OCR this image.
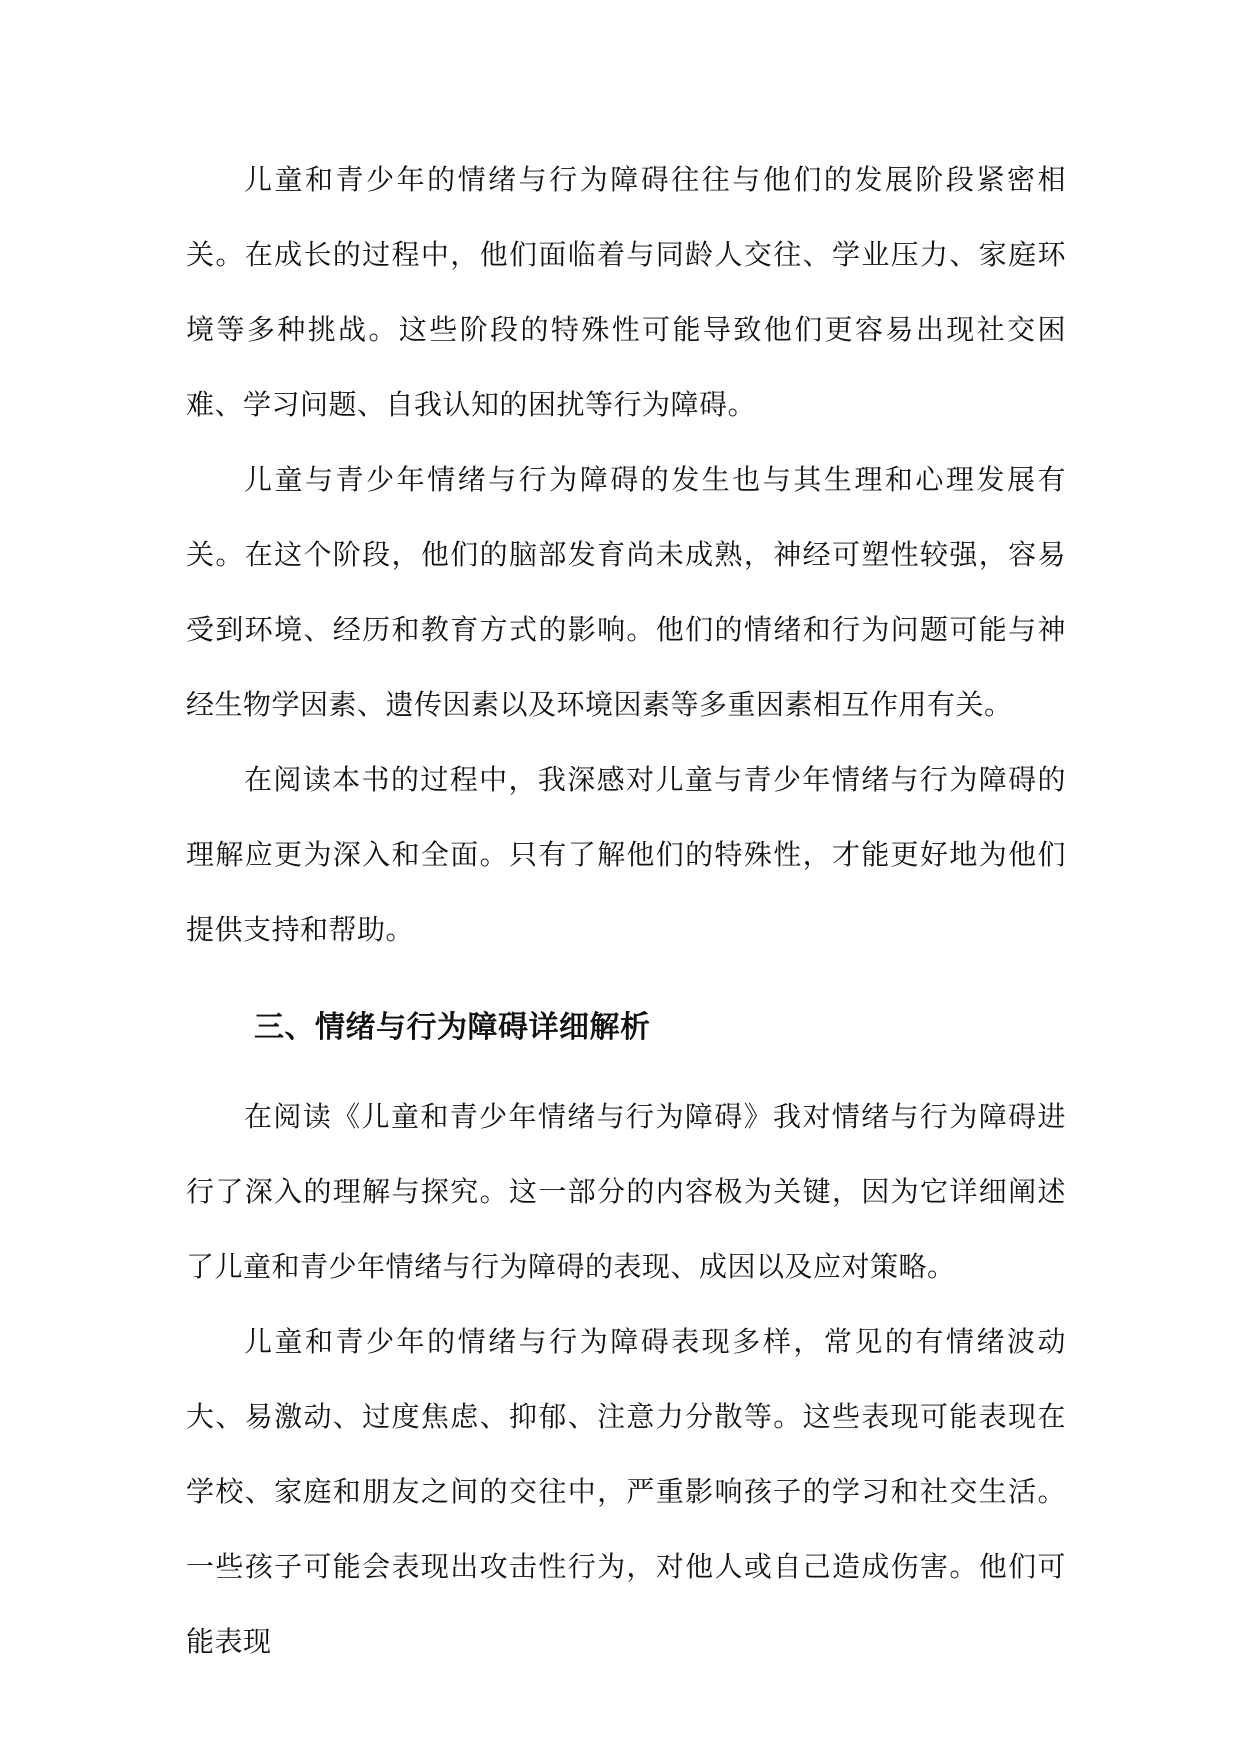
儿童和青少年的情绪与行为障碍往往与他们的发展阶段紧密相关。在成长的过程中，他们面临着与同龄人交往、学业压力、家庭环境等多种挑战。这些阶段的特殊性可能导致他们更容易出现社交困难、学习问题、自我认知的困扰等行为障碍。

儿童与青少年情绪与行为障碍的发生也与其生理和心理发展有关。在这个阶段，他们的脑部发育尚未成熟，神经可塑性较强，容易受到环境、经历和教育方式的影响。他们的情绪和行为问题可能与神经生物学因素、遗传因素以及环境因素等多重因素相互作用有关。

在阅读本书的过程中，我深感对儿童与青少年情绪与行为障碍的理解应更为深入和全面。只有了解他们的特殊性，才能更好地为他们提供支持和帮助。

三、情绪与行为障碍详细解析

在阅读《儿童和青少年情绪与行为障碍》我对情绪与行为障碍进行了深入的理解与探究。这一部分的内容极为关键，因为它详细阐述了儿童和青少年情绪与行为障碍的表现、成因以及应对策略。

儿童和青少年的情绪与行为障碍表现多样，常见的有情绪波动大、易激动、过度焦虑、抑郁、注意力分散等。这些表现可能表现在学校、家庭和朋友之间的交往中，严重影响孩子的学习和社交生活。一些孩子可能会表现出攻击性行为，对他人或自己造成伤害。他们可能表现
